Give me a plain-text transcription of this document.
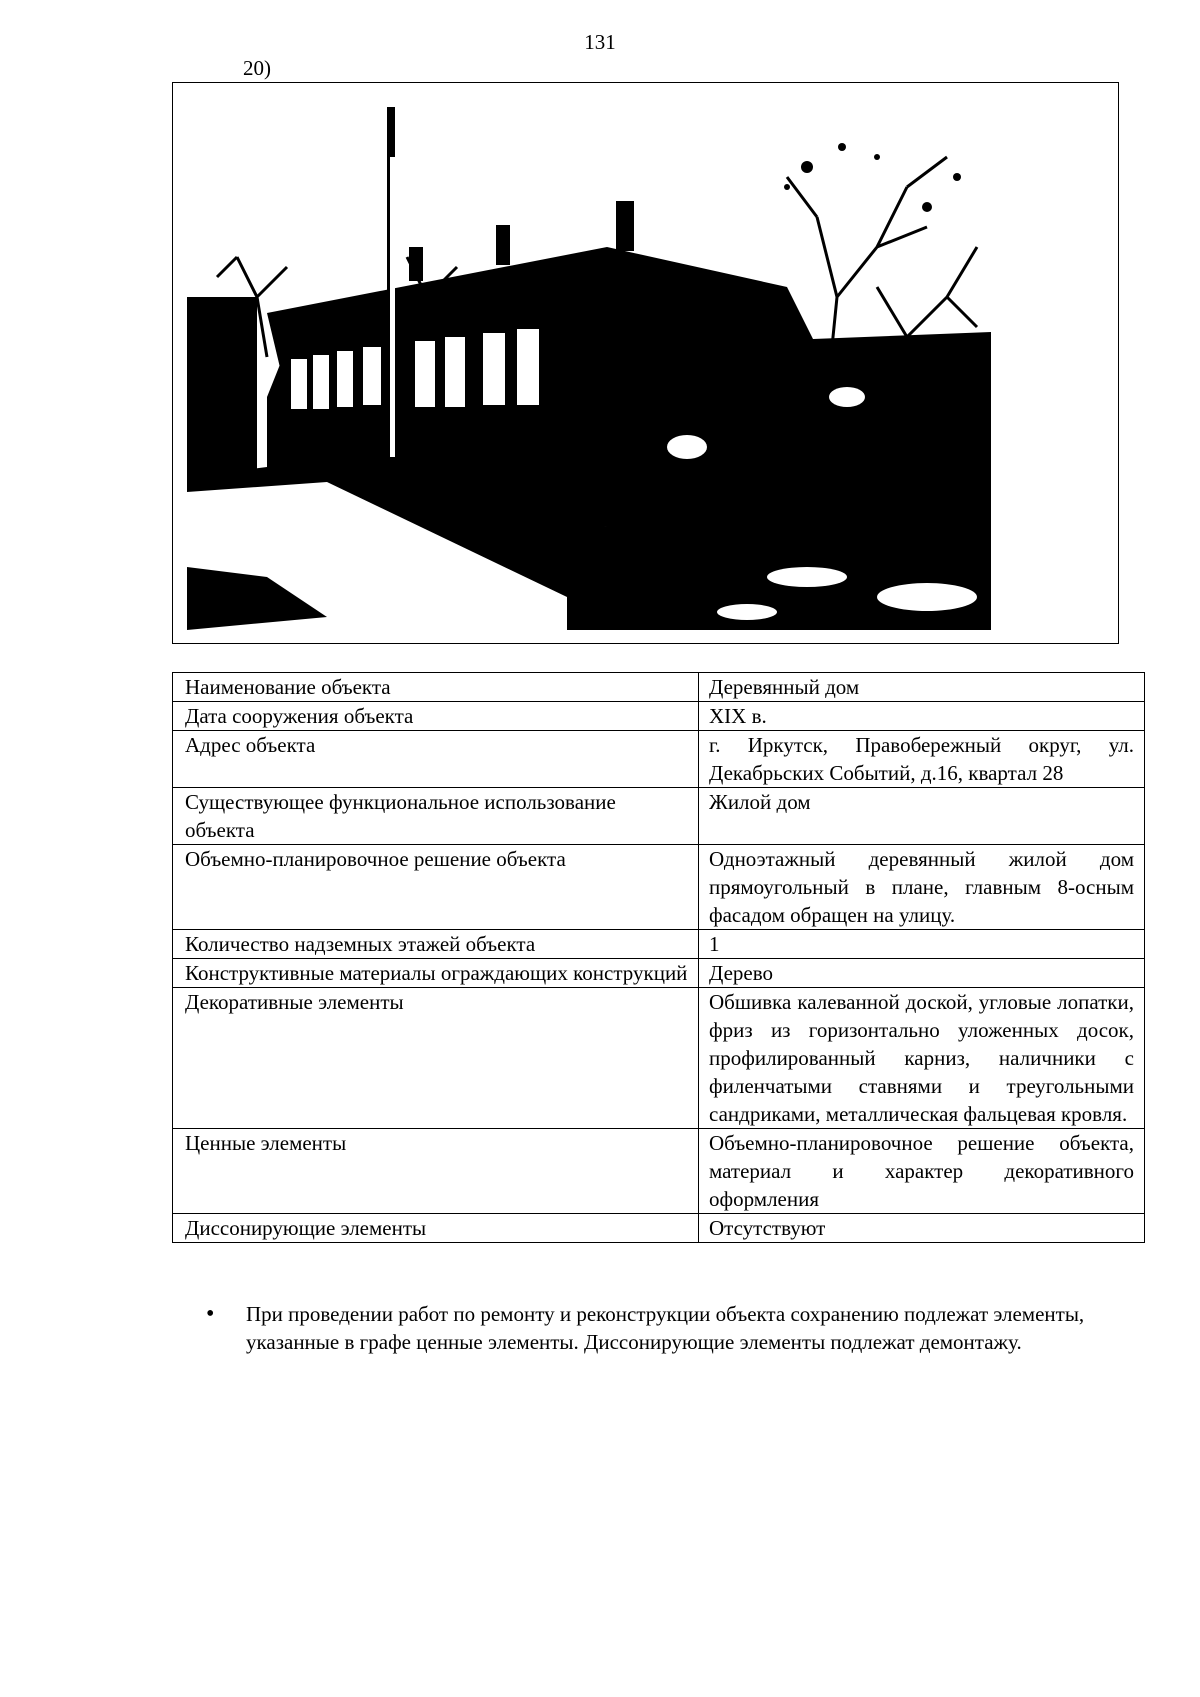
131
20)
Наименование объекта	Деревянный дом
Дата сооружения объекта	XIX в.
Адрес объекта	г. Иркутск, Правобережный округ, ул. Декабрьских Событий, д.16, квартал 28
Существующее функциональное использование объекта	Жилой дом
Объемно-планировочное решение объекта	Одноэтажный деревянный жилой дом прямоугольный в плане, главным 8-осным фасадом обращен на улицу.
Количество надземных этажей объекта	1
Конструктивные материалы ограждающих конструкций	Дерево
Декоративные элементы	Обшивка калеванной доской, угловые лопатки, фриз из горизонтально уложенных досок, профилированный карниз, наличники с филенчатыми ставнями и треугольными сандриками, металлическая фальцевая кровля.
Ценные элементы	Объемно-планировочное решение объекта, материал и характер декоративного оформления
Диссонирующие элементы	Отсутствуют
•	При проведении работ по ремонту и реконструкции объекта сохранению подлежат элементы, указанные в графе ценные элементы. Диссонирующие элементы подлежат демонтажу.
